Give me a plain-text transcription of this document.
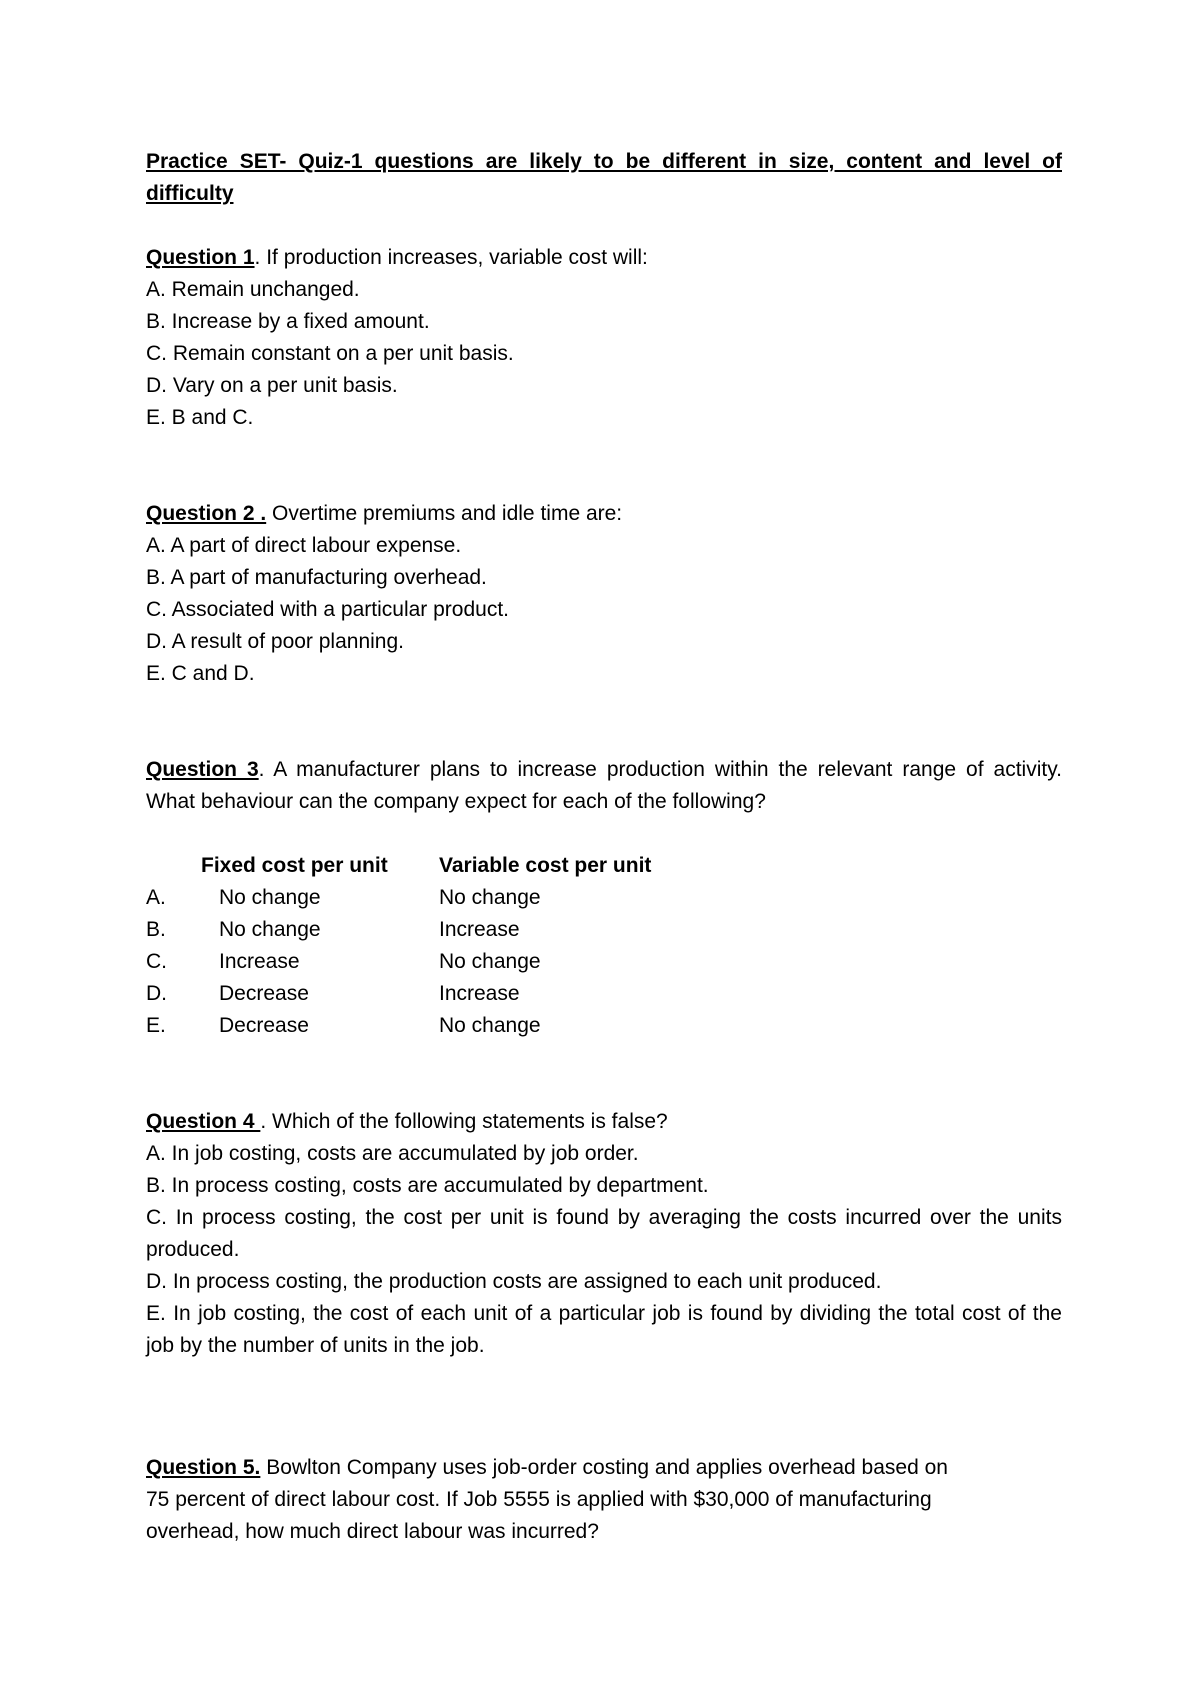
Practice SET- Quiz-1 questions are likely to be different in size, content and level of difficulty

Question 1. If production increases, variable cost will:

A. Remain unchanged.

B. Increase by a fixed amount.

C. Remain constant on a per unit basis.

D. Vary on a per unit basis.

E. B and C.

Question 2 . Overtime premiums and idle time are:

A. A part of direct labour expense.

B. A part of manufacturing overhead.

C. Associated with a particular product.

D. A result of poor planning.

E. C and D.

Question 3. A manufacturer plans to increase production within the relevant range of activity. What behaviour can the company expect for each of the following?

	Fixed cost per unit	Variable cost per unit
A.	No change	No change
B.	No change	Increase
C.	Increase	No change
D.	Decrease	Increase
E.	Decrease	No change

Question 4 . Which of the following statements is false?

A. In job costing, costs are accumulated by job order.

B. In process costing, costs are accumulated by department.

C. In process costing, the cost per unit is found by averaging the costs incurred over the units produced.

D. In process costing, the production costs are assigned to each unit produced.

E. In job costing, the cost of each unit of a particular job is found by dividing the total cost of the job by the number of units in the job.

Question 5. Bowlton Company uses job-order costing and applies overhead based on 75 percent of direct labour cost. If Job 5555 is applied with $30,000 of manufacturing overhead, how much direct labour was incurred?
